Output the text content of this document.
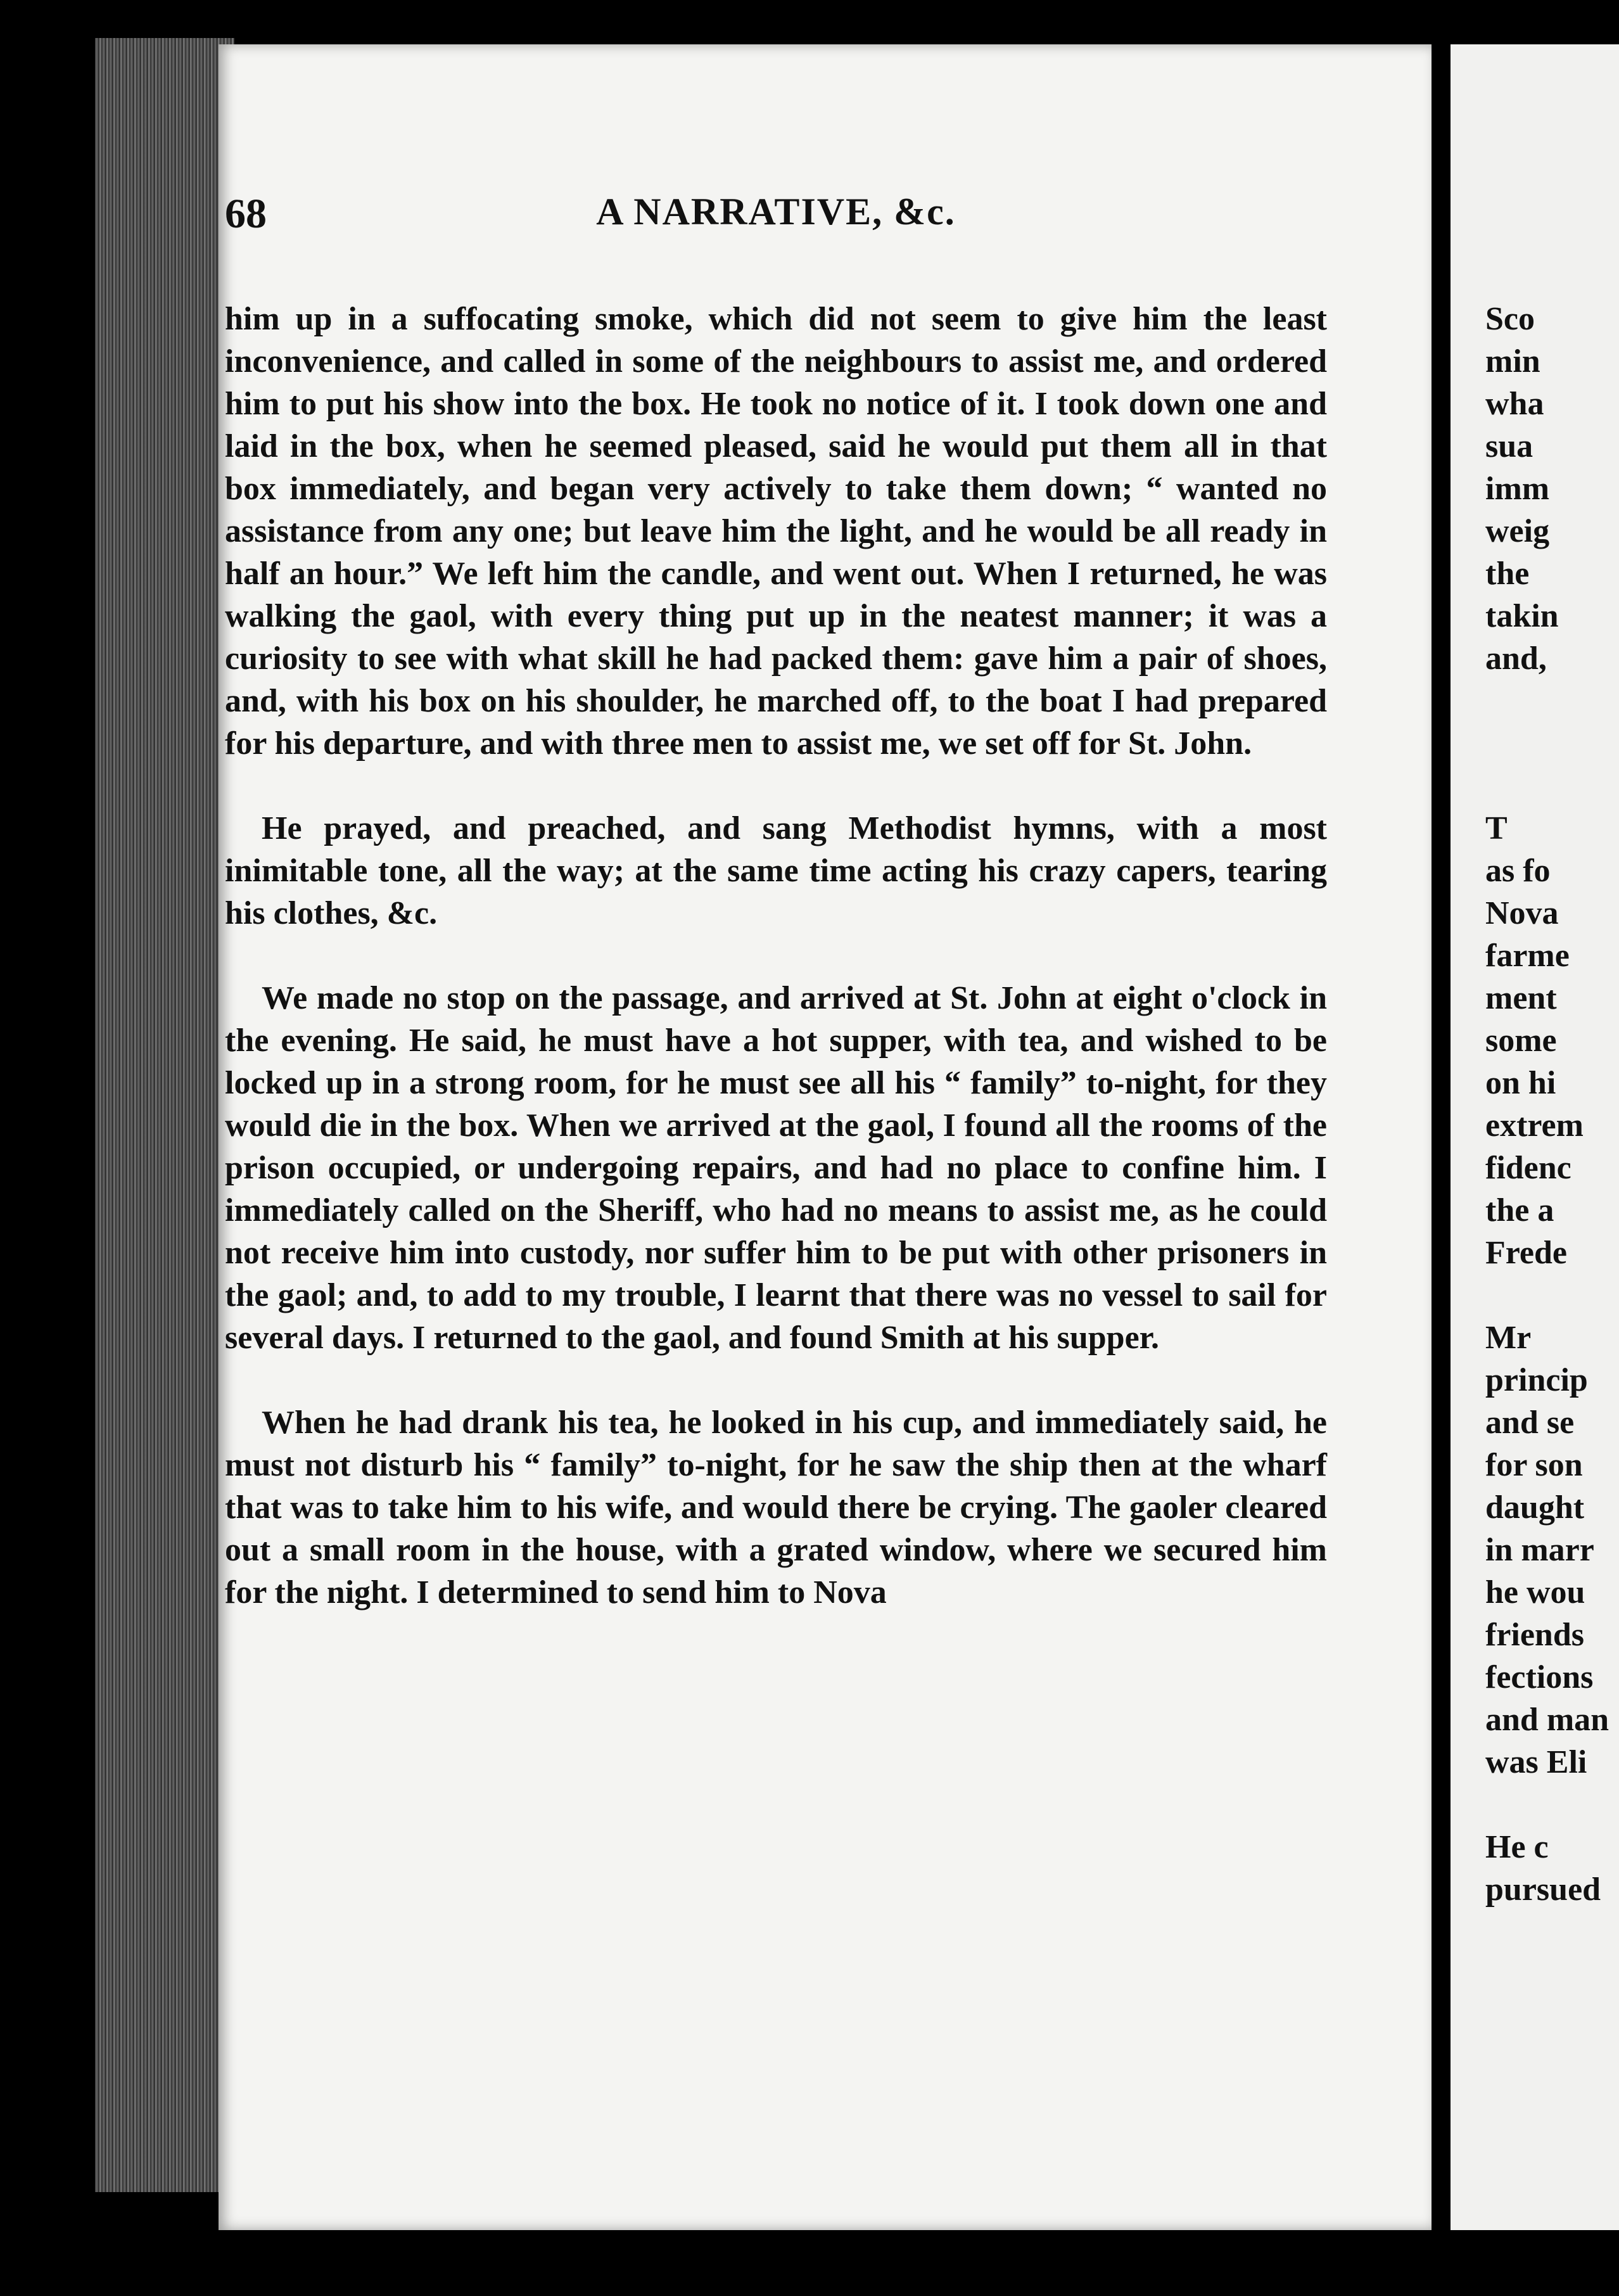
68	A NARRATIVE, &c.

him up in a suffocating smoke, which did not seem to give him the least inconvenience, and called in some of the neighbours to assist me, and ordered him to put his show into the box. He took no notice of it. I took down one and laid in the box, when he seemed pleased, said he would put them all in that box immediately, and began very actively to take them down; “ wanted no assistance from any one; but leave him the light, and he would be all ready in half an hour.” We left him the candle, and went out. When I returned, he was walking the gaol, with every thing put up in the neatest manner; it was a curiosity to see with what skill he had packed them: gave him a pair of shoes, and, with his box on his shoulder, he marched off, to the boat I had prepared for his departure, and with three men to assist me, we set off for St. John.

He prayed, and preached, and sang Methodist hymns, with a most inimitable tone, all the way; at the same time acting his crazy capers, tearing his clothes, &c.

We made no stop on the passage, and arrived at St. John at eight o'clock in the evening. He said, he must have a hot supper, with tea, and wished to be locked up in a strong room, for he must see all his “ family” to-night, for they would die in the box. When we arrived at the gaol, I found all the rooms of the prison occupied, or undergoing repairs, and had no place to confine him. I immediately called on the Sheriff, who had no means to assist me, as he could not receive him into custody, nor suffer him to be put with other prisoners in the gaol; and, to add to my trouble, I learnt that there was no vessel to sail for several days. I returned to the gaol, and found Smith at his supper.

When he had drank his tea, he looked in his cup, and immediately said, he must not disturb his “ family” to-night, for he saw the ship then at the wharf that was to take him to his wife, and would there be crying. The gaoler cleared out a small room in the house, with a grated window, where we secured him for the night. I determined to send him to Nova

Sco
min
wha
sua
imm
weig
the
takin
and,
T
as fo
Nova
farme
ment
some
on hi
extrem
fidenc
the a
Frede
Mr
princip
and se
for son
daught
in marr
he wou
friends
fections
and man
was Eli
He c
pursued
